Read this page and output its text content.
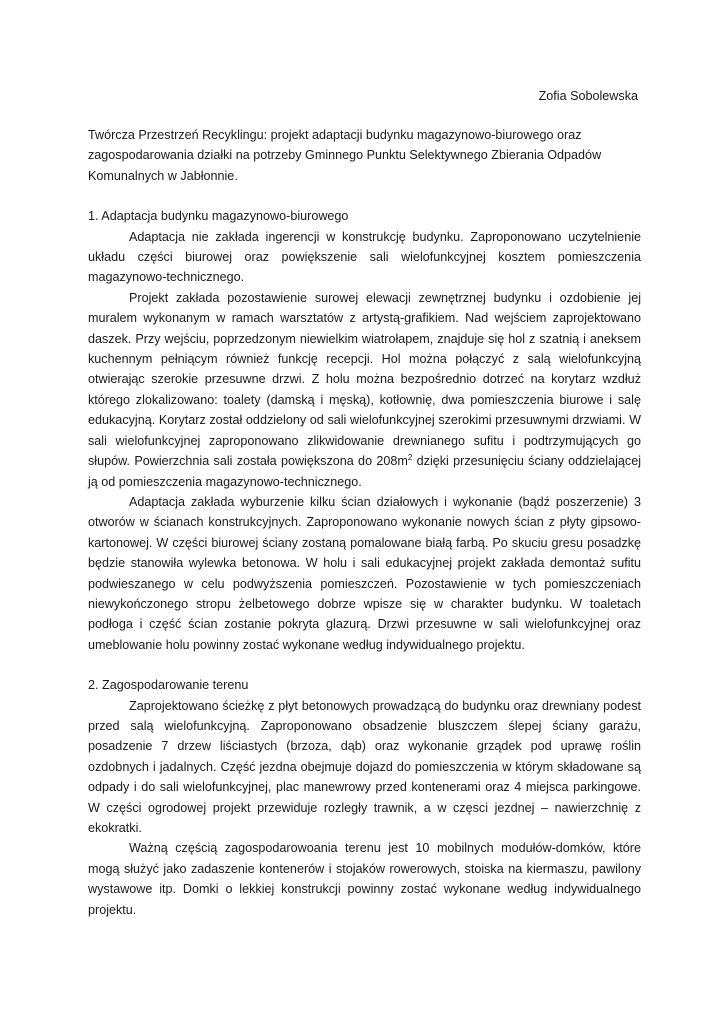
Zofia Sobolewska

Twórcza Przestrzeń Recyklingu: projekt adaptacji budynku magazynowo-biurowego oraz zagospodarowania działki na potrzeby Gminnego Punktu Selektywnego Zbierania Odpadów Komunalnych w Jabłonnie.

1. Adaptacja budynku magazynowo-biurowego

Adaptacja nie zakłada ingerencji w konstrukcję budynku. Zaproponowano uczytelnienie układu części biurowej oraz powiększenie sali wielofunkcyjnej kosztem pomieszczenia magazynowo-technicznego.

Projekt zakłada pozostawienie surowej elewacji zewnętrznej budynku i ozdobienie jej muralem wykonanym w ramach warsztatów z artystą-grafikiem. Nad wejściem zaprojektowano daszek. Przy wejściu, poprzedzonym niewielkim wiatrołapem, znajduje się hol z szatnią i aneksem kuchennym pełniącym również funkcję recepcji. Hol można połączyć z salą wielofunkcyjną otwierając szerokie przesuwne drzwi. Z holu można bezpośrednio dotrzeć na korytarz wzdłuż którego zlokalizowano: toalety (damską i męską), kotłownię, dwa pomieszczenia biurowe i salę edukacyjną. Korytarz został oddzielony od sali wielofunkcyjnej szerokimi przesuwnymi drzwiami. W sali wielofunkcyjnej zaproponowano zlikwidowanie drewnianego sufitu i podtrzymujących go słupów. Powierzchnia sali została powiększona do $208m^2$ dzięki przesunięciu ściany oddzielającej ją od pomieszczenia magazynowo-technicznego.

Adaptacja zakłada wyburzenie kilku ścian działowych i wykonanie (bądź poszerzenie) 3 otworów w ścianach konstrukcyjnych. Zaproponowano wykonanie nowych ścian z płyty gipsowo-kartonowej. W części biurowej ściany zostaną pomalowane białą farbą. Po skuciu gresu posadzkę będzie stanowiła wylewka betonowa. W holu i sali edukacyjnej projekt zakłada demontaż sufitu podwieszanego w celu podwyższenia pomieszczeń. Pozostawienie w tych pomieszczeniach niewykończonego stropu żelbetowego dobrze wpisze się w charakter budynku. W toaletach podłoga i część ścian zostanie pokryta glazurą. Drzwi przesuwne w sali wielofunkcyjnej oraz umeblowanie holu powinny zostać wykonane według indywidualnego projektu.

2. Zagospodarowanie terenu

Zaprojektowano ścieżkę z płyt betonowych prowadzącą do budynku oraz drewniany podest przed salą wielofunkcyjną. Zaproponowano obsadzenie bluszczem ślepej ściany garażu, posadzenie 7 drzew liściastych (brzoza, dąb) oraz wykonanie grządek pod uprawę roślin ozdobnych i jadalnych. Część jezdna obejmuje dojazd do pomieszczenia w którym składowane są odpady i do sali wielofunkcyjnej, plac manewrowy przed kontenerami oraz 4 miejsca parkingowe. W części ogrodowej projekt przewiduje rozległy trawnik, a w częsci jezdnej – nawierzchnię z ekokratki.

Ważną częścią zagospodarowoania terenu jest 10 mobilnych modułów-domków, które mogą służyć jako zadaszenie kontenerów i stojaków rowerowych, stoiska na kiermaszu, pawilony wystawowe itp. Domki o lekkiej konstrukcji powinny zostać wykonane według indywidualnego projektu.
